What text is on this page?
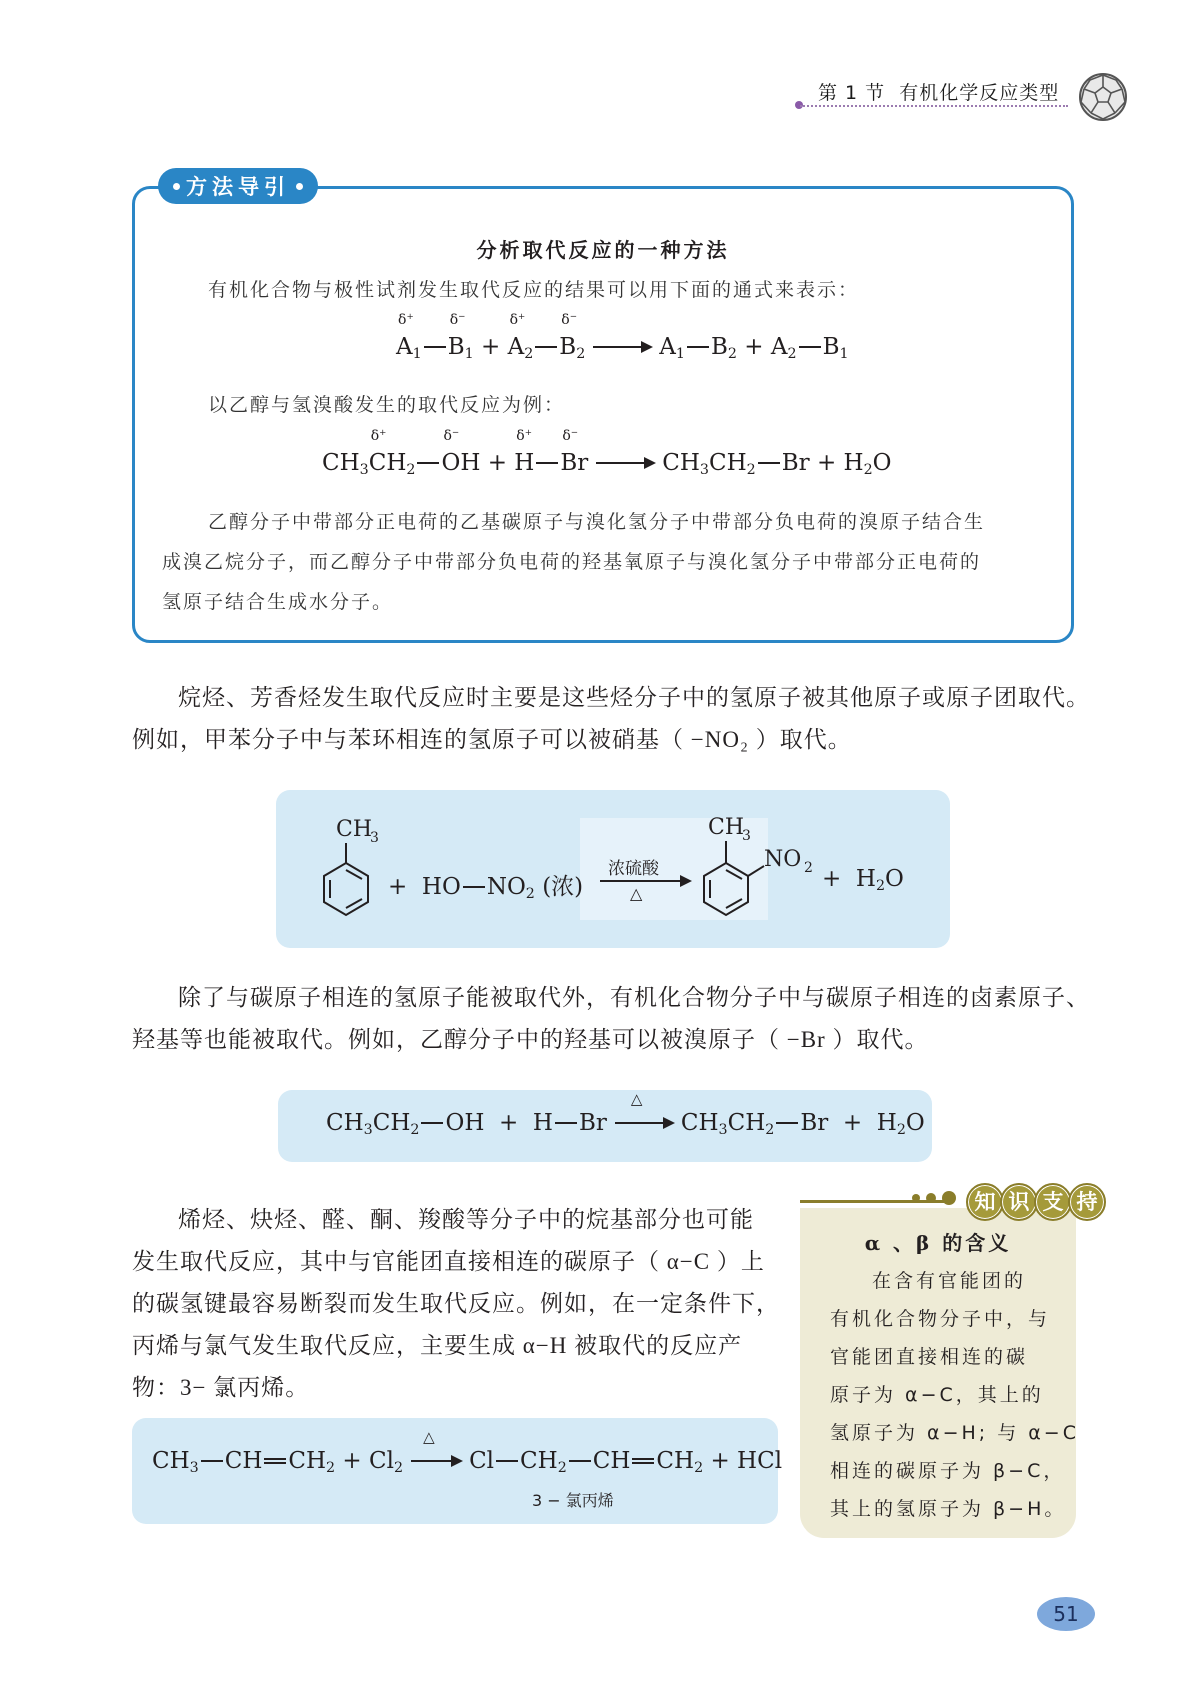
第 1 节 有机化学反应类型
方法导引
分析取代反应的一种方法
有机化合物与极性试剂发生取代反应的结果可以用下面的通式来表示：
$A_1$
δ+
$B_1$
δ−
+ $A_2$
δ+
$B_2$
δ−
$A_1$ $B_2 + A_2$ $B_1$
以乙醇与氢溴酸发生的取代反应为例：
$CH_3CH_2$
δ+
OH
δ−
+ H
δ+
Br
δ−
$CH_3CH_2$ $Br + H_2O$
乙醇分子中带部分正电荷的乙基碳原子与溴化氢分子中带部分负电荷的溴原子结合生
成溴乙烷分子，而乙醇分子中带部分负电荷的羟基氧原子与溴化氢分子中带部分正电荷的
氢原子结合生成水分子。
烷烃、芳香烃发生取代反应时主要是这些烃分子中的氢原子被其他原子或原子团取代。
例如，甲苯分子中与苯环相连的氢原子可以被硝基（ −NO₂ ）取代。
CH
3
+  HO $NO_2$ (浓)
浓硫酸
△
CH
3
NO $2 + H_2O$
除了与碳原子相连的氢原子能被取代外，有机化合物分子中与碳原子相连的卤素原子、
羟基等也能被取代。例如，乙醇分子中的羟基可以被溴原子（ −Br ）取代。
$CH_3CH_2$ OH  +  H Br
△
$CH_3CH_2$ $Br + H_2O$
烯烃、炔烃、醛、酮、羧酸等分子中的烷基部分也可能
发生取代反应，其中与官能团直接相连的碳原子（ α−C ）上
的碳氢键最容易断裂而发生取代反应。例如，在一定条件下，
丙烯与氯气发生取代反应，主要生成 α−H 被取代的反应产
物：3− 氯丙烯。
$CH_3$ CH $CH_2 + Cl_2$
△
Cl $CH_2$ CH $CH_2$ + HCl
3 − 氯丙烯
知 识 支 持
α 、β 的含义
在含有官能团的
有机化合物分子中，与
官能团直接相连的碳
原子为 α−C，其上的
氢原子为 α−H; 与 α−C
相连的碳原子为 β−C，
其上的氢原子为 β−H。
51
